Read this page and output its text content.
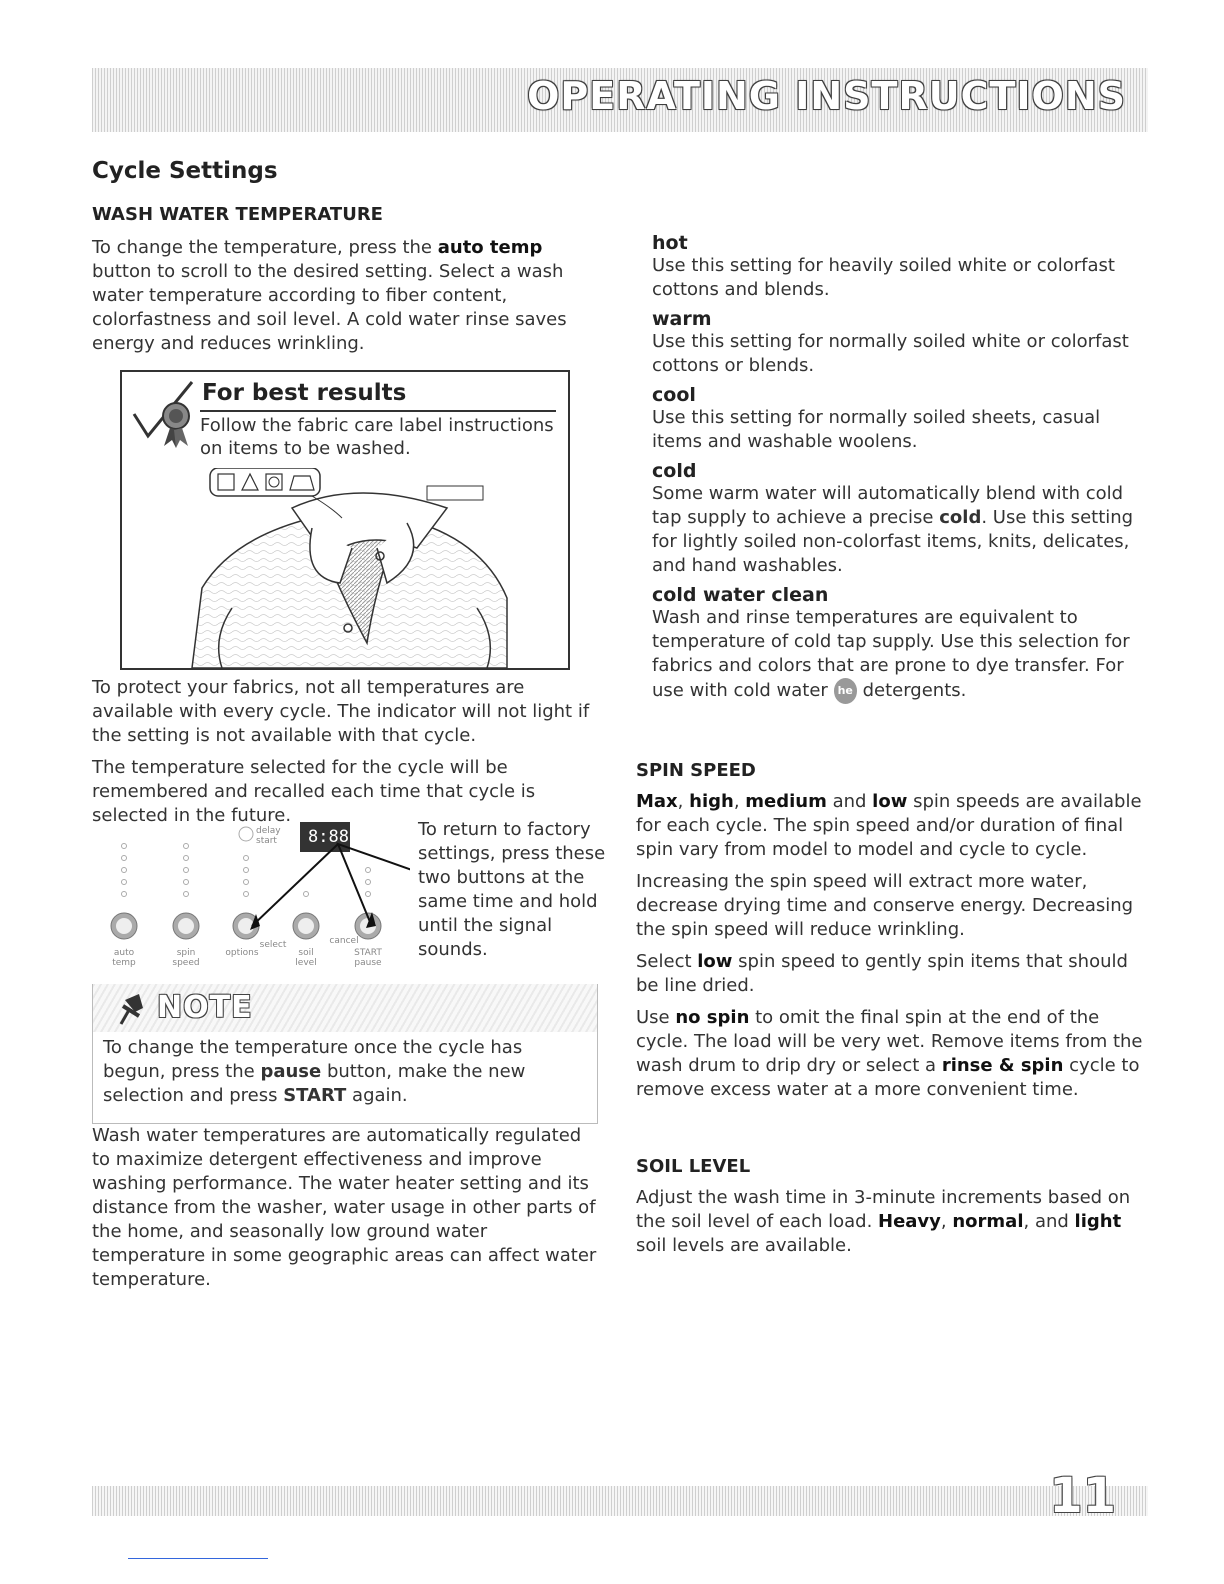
OPERATING INSTRUCTIONS
Cycle Settings
WASH WATER TEMPERATURE

To change the temperature, press the auto temp button to scroll to the desired setting. Select a wash water temperature according to fiber content, colorfastness and soil level. A cold water rinse saves energy and reduces wrinkling.

For best results
Follow the fabric care label instructions on items to be washed.

To protect your fabrics, not all temperatures are available with every cycle. The indicator will not light if the setting is not available with that cycle.

The temperature selected for the cycle will be remembered and recalled each time that cycle is selected in the future.

8:88
delay
start
auto
temp
spin
speed
options
select
soil
level
cancel
START
pause
To return to factory settings, press these two buttons at the same time and hold until the signal sounds.
NOTE
To change the temperature once the cycle has begun, press the pause button, make the new selection and press START again.

Wash water temperatures are automatically regulated to maximize detergent effectiveness and improve washing performance. The water heater setting and its distance from the washer, water usage in other parts of the home, and seasonally low ground water temperature in some geographic areas can affect water temperature.

hot
Use this setting for heavily soiled white or colorfast cottons and blends.
warm
Use this setting for normally soiled white or colorfast cottons or blends.
cool
Use this setting for normally soiled sheets, casual items and washable woolens.
cold
Some warm water will automatically blend with cold tap supply to achieve a precise cold. Use this setting for lightly soiled non-colorfast items, knits, delicates, and hand washables.
cold water clean
Wash and rinse temperatures are equivalent to temperature of cold tap supply. Use this selection for fabrics and colors that are prone to dye transfer. For use with cold water he detergents.
SPIN SPEED

Max, high, medium and low spin speeds are available for each cycle. The spin speed and/or duration of final spin vary from model to model and cycle to cycle.

Increasing the spin speed will extract more water, decrease drying time and conserve energy. Decreasing the spin speed will reduce wrinkling.

Select low spin speed to gently spin items that should be line dried.

Use no spin to omit the final spin at the end of the cycle. The load will be very wet. Remove items from the wash drum to drip dry or select a rinse & spin cycle to remove excess water at a more convenient time.

SOIL LEVEL

Adjust the wash time in 3-minute increments based on the soil level of each load. Heavy, normal, and light soil levels are available.

11
